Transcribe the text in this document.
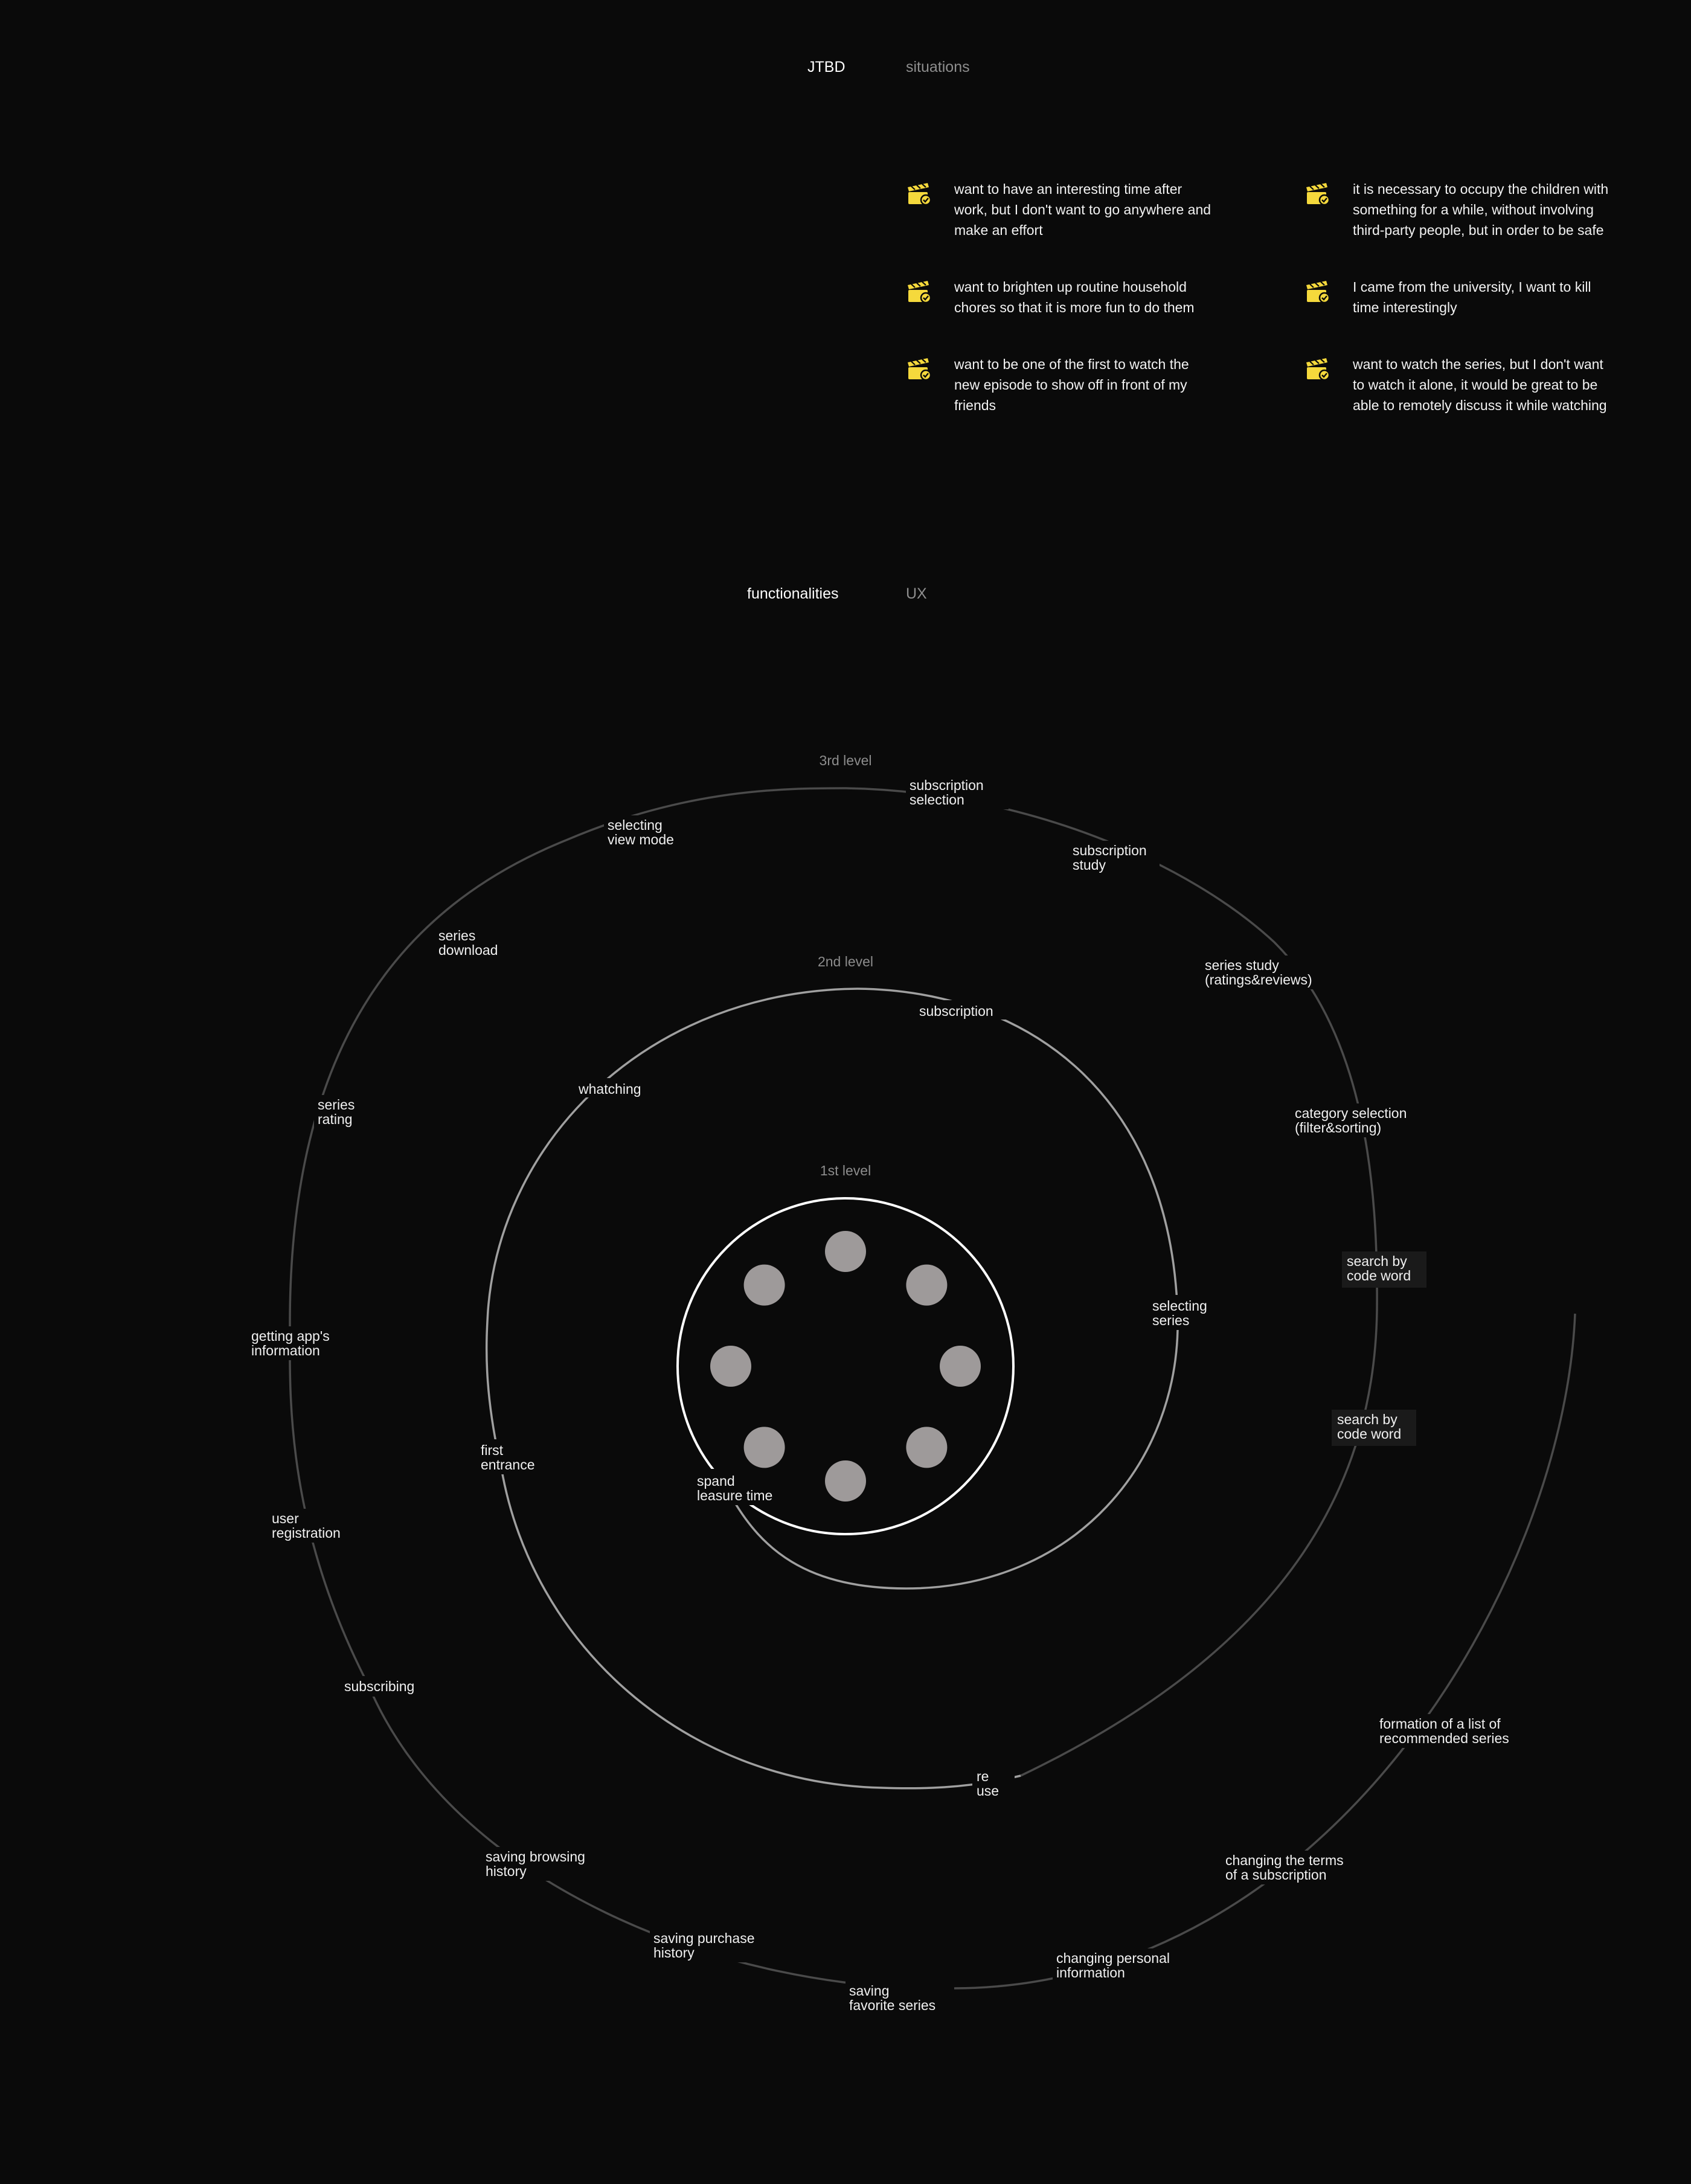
JTBD	situations
want to have an interesting time after work, but I don't want to go anywhere and make an effort
it is necessary to occupy the children with something for a while, without involving third-party people, but in order to be safe
want to brighten up routine household chores so that it is more fun to do them
I came from the university, I want to kill time interestingly
want to be one of the first to watch the new episode to show off in front of my friends
want to watch the series, but I don't want to watch it alone, it would be great to be able to remotely discuss it while watching
functionalities	UX
1st level
2nd level
3rd level
spand
leasure time
subscription
whatching
selecting
series
first
entrance
re
use
subscription
selection
selecting
view mode
subscription
study
series
download
series study
(ratings&reviews)
series
rating	category selection
(filter&sorting)
search by
code word
getting app's
information
search by
code word
user
registration
subscribing
formation of a list of
recommended series
saving browsing
history
changing the terms
of a subscription
saving purchase
history	changing personal
information
saving
favorite series
